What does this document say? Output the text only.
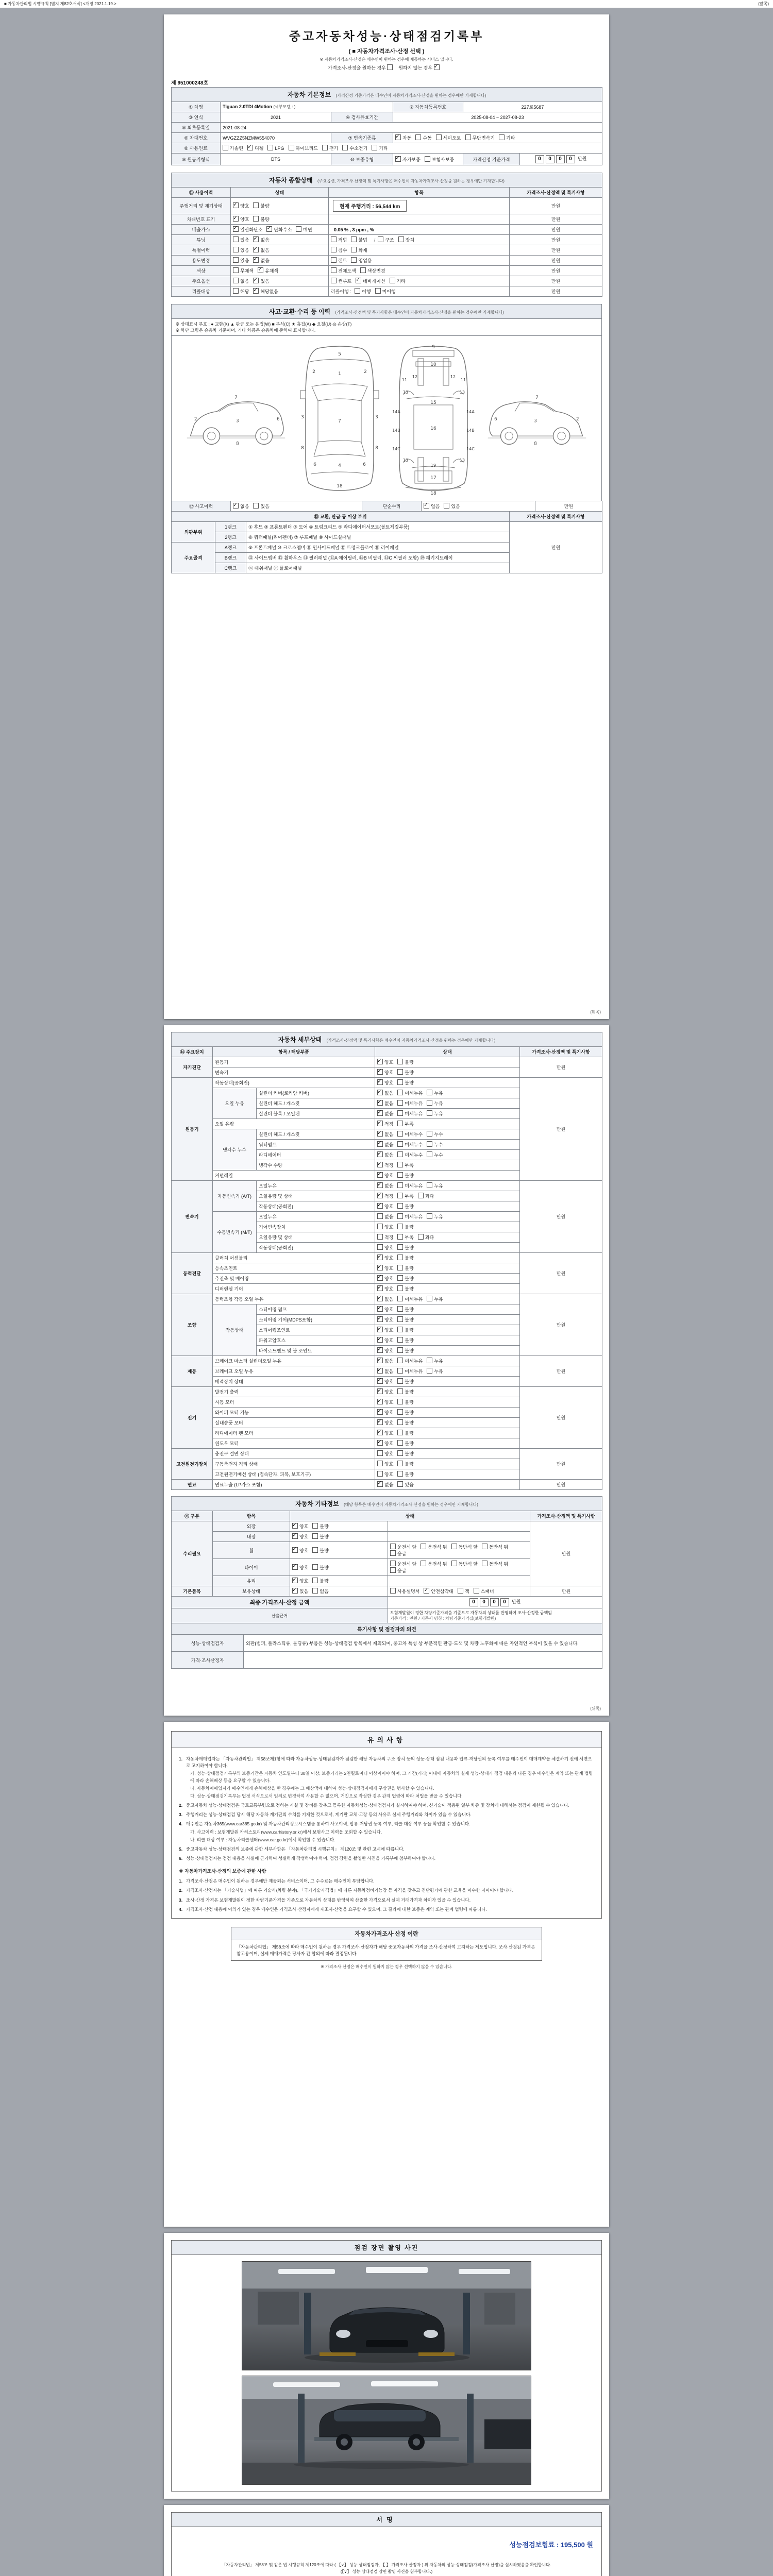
■ 자동차관리법 시행규칙 [별지 제82호서식] <개정 2021.1.19.>	(앞쪽)
중고자동차성능·상태점검기록부
( ■ 자동차가격조사·산정 선택 )
※ 자동차가격조사·산정은 매수인이 원하는 경우에 제공하는 서비스 입니다.
가격조사·산정을 원하는 경우 원하지 않는 경우 ✓
제 951000248호
자동차 기본정보 (가격산정 기준가격은 매수인이 자동차가격조사·산정을 원하는 경우에만 기재합니다)					
① 차명	Tiguan 2.0TDI 4Motion (세부모델 : )		② 자동차등록번호	227로5687	
③ 연식	2021	④ 검사유효기간	2025-08-04 ~ 2027-08-23		
⑤ 최초등록일	2021-08-24				
⑥ 차대번호	WVGZZZ5NZMW554070	⑦ 변속기종류	✓자동 수동 세미오토 무단변속기 기타
⑧ 사용연료	가솔린 ✓ 디젤 LPG 하이브리드 전기 수소전기 기타
⑨ 원동기형식	DTS	⑩ 보증유형	✓자가보증 보험사보증	가격산정 기준가격	0 0 0 0 만원
자동차 종합상태 (주요옵션, 가격조사·산정액 및 특기사항은 매수인이 자동차가격조사·산정을 원하는 경우에만 기재합니다)			
⑪ 사용이력	상태	항목	가격조사·산정액 및 특기사항
주행거리 및 계기상태	✓양호 불량	현재 주행거리 : 56,544 km	만원
차대번호 표기	✓양호 불량		만원
배출가스	✓일산화탄소 ✓ 탄화수소 매연	0.05 % , 3 ppm , %	만원
튜닝	있음 ✓ 없음	적법 불법 / 구조 장치	만원
특별이력	있음 ✓ 없음	침수 화재	만원
용도변경	있음 ✓ 없음	렌트 영업용	만원
색상	무채색 ✓ 유채색	전체도색 색상변경	만원
주요옵션	없음 ✓ 있음	썬루프 ✓ 네비게이션 기타	만원
리콜대상	해당 ✓ 해당없음	리콜이행 : 이행 미이행	만원
사고·교환·수리 등 이력 (가격조사·산정액 및 특기사항은 매수인이 자동차가격조사·산정을 원하는 경우에만 기재합니다)
※ 상태표시 부호 : ● 교환(X) ▲ 판금 또는 용접(W) ■ 부식(C) ★ 흠집(A) ◆ 요철(U) ◎ 손상(T)
※ 하단 그림은 승용차 기준이며, 기타 차종은 승용차에 준하여 표시합니다.
7
3
8
2	6
5
1
2	2
7
3	3
8	8
6	6
4
18
9
10
12	12
11	11
13	13
15
14A
14B
14C
14A
14B
14C
16
13	13
19
17
18
7
3
8
2
6
⑫ 사고이력	✓없음 있음	단순수리	✓없음 있음	만원
⑬ 교환, 판금 등 이상 부위			가격조사·산정액 및 특기사항
외판부위	1랭크	① 후드 ② 프론트펜더 ③ 도어 ④ 트렁크리드 ⑤ 라디에이터서포트(볼트체결부품)	만원
	2랭크	⑥ 쿼터패널(리어펜더) ⑦ 루프패널 ⑧ 사이드실패널	
주요골격	A랭크	⑨ 프론트패널 ⑩ 크로스멤버 ⑪ 인사이드패널 ⑰ 트렁크플로어 ⑱ 리어패널	
	B랭크	⑫ 사이드멤버 ⑬ 휠하우스 ⑭ 필러패널 (⑭A 에이필러, ⑭B 비필러, ⑭C 씨필러 포함) ⑲ 패키지트레이	
	C랭크	⑮ 대쉬패널 ⑯ 플로어패널	
(뒤쪽)
자동차 세부상태 (가격조사·산정액 및 특기사항은 매수인이 자동차가격조사·산정을 원하는 경우에만 기재합니다)				
⑭ 주요장치	항목 / 해당부품		상태	가격조사·산정액 및 특기사항
자기진단	원동기	✓양호 불량	만원
	변속기	✓양호 불량
원동기	작동상태(공회전)	✓양호 불량	만원
	오일 누유	실린더 커버(로커암 커버)	✓없음 미세누유 누유
		실린더 헤드 / 개스킷	✓없음 미세누유 누유
		실린더 블록 / 오일팬	✓없음 미세누유 누유
	오일 유량	✓적정 부족
	냉각수 누수	실린더 헤드 / 개스킷	✓없음 미세누수 누수
		워터펌프	✓없음 미세누수 누수
		라디에이터	✓없음 미세누수 누수
		냉각수 수량	✓적정 부족
	커먼레일	✓양호 불량
변속기	자동변속기 (A/T)	오일누유	✓없음 미세누유 누유	만원
		오일유량 및 상태	✓적정 부족 과다
		작동상태(공회전)	✓양호 불량
	수동변속기 (M/T)	오일누유	없음 미세누유 누유	
		기어변속장치	양호 불량	
		오일유량 및 상태	적정 부족 과다	
		작동상태(공회전)	양호 불량	
동력전달	클러치 어셈블리	✓양호 불량	만원
	등속조인트	✓양호 불량
	추진축 및 베어링	✓양호 불량
	디퍼렌셜 기어	✓양호 불량
조향	동력조향 작동 오일 누유	✓없음 미세누유 누유	만원
	작동상태	스티어링 펌프	✓양호 불량
		스티어링 기어(MDPS포함)	✓양호 불량
		스티어링조인트	✓양호 불량
		파워고압호스	✓양호 불량
		타이로드엔드 및 볼 조인트	✓양호 불량
제동	브레이크 마스터 실린더오일 누유	✓없음 미세누유 누유	만원
	브레이크 오일 누유	✓없음 미세누유 누유
	배력장치 상태	✓양호 불량
전기	발전기 출력	✓양호 불량	만원
	시동 모터	✓양호 불량
	와이퍼 모터 기능	✓양호 불량
	실내송풍 모터	✓양호 불량
	라디에이터 팬 모터	✓양호 불량
	윈도우 모터	✓양호 불량
고전원전기장치	충전구 절연 상태		양호 불량	만원
	구동축전지 격리 상태		양호 불량	
	고전원전기배선 상태 (접속단자, 피복, 보호기구)		양호 불량	
연료	연료누출 (LP가스 포함)	✓없음 있음	만원
자동차 기타정보 (해당 항목은 매수인이 자동차가격조사·산정을 원하는 경우에만 기재합니다)				
⑮ 구분	항목	상태		가격조사·산정액 및 특기사항
수리필요	외장	✓양호 불량		만원
	내장	✓양호 불량	
	휠	✓양호 불량	운전석 앞 운전석 뒤 동반석 앞 동반석 뒤응급	
	타이어	✓양호 불량	운전석 앞 운전석 뒤 동반석 앞 동반석 뒤응급	
	유리	✓양호 불량	
기본품목	보유상태	✓있음 없음	사용설명서 ✓ 안전삼각대 잭 스패너	만원
최종 가격조사·산정 금액	0 0 0 0 만원
산출근거	보험개발원이 정한 차량기준가격을 기준으로 자동차의 상태를 반영하여 조사·산정한 금액임
기준가격 : 만원 / 기준서 명칭 : 차량기준가격집(보험개발원)
특기사항 및 점검자의 의견	
성능·상태점검자	외판(범퍼, 플라스틱류, 몰딩류) 부품은 성능·상태점검 항목에서 제외되며, 중고차 특성 상 부분적인 판금·도색 및 차량 노후화에 따른 자연적인 부식이 있을 수 있습니다.
가격·조사산정자	
(뒤쪽)
유의사항
1. 자동차매매업자는 「자동차관리법」 제58조제1항에 따라 자동차성능·상태점검자가 점검한 해당 자동차의 구조·장치 등의 성능·상태 점검 내용과 압류·저당권의 등록 여부를 매수인이 매매계약을 체결하기 전에 서면으로 고지하여야 합니다.
가. 성능·상태점검기록부의 보증기간은 자동차 인도일부터 30일 이상, 보증거리는 2천킬로미터 이상이어야 하며, 그 기간(거리) 이내에 자동차의 실제 성능·상태가 점검 내용과 다른 경우 매수인은 계약 또는 관계 법령에 따라 손해배상 등을 요구할 수 있습니다.
나. 자동차매매업자가 매수인에게 손해배상을 한 경우에는 그 배상액에 대하여 성능·상태점검자에게 구상권을 행사할 수 있습니다.
다. 성능·상태점검기록부는 법정 서식으로서 임의로 변경하여 사용할 수 없으며, 거짓으로 작성한 경우 관계 법령에 따라 처벌을 받을 수 있습니다.
2. 중고자동차 성능·상태점검은 국토교통부령으로 정하는 시설 및 장비를 갖추고 등록한 자동차성능·상태점검자가 실시하여야 하며, 신기술이 적용된 일부 차종 및 장치에 대해서는 점검이 제한될 수 있습니다.
3. 주행거리는 성능·상태점검 당시 해당 자동차 계기판의 수치를 기재한 것으로서, 계기판 교체·고장 등의 사유로 실제 주행거리와 차이가 있을 수 있습니다.
4. 매수인은 자동차365(www.car365.go.kr) 및 자동차관리정보시스템을 통하여 사고이력, 압류·저당권 등록 여부, 리콜 대상 여부 등을 확인할 수 있습니다.
가. 사고이력 : 보험개발원 카히스토리(www.carhistory.or.kr)에서 보험사고 이력을 조회할 수 있습니다.
나. 리콜 대상 여부 : 자동차리콜센터(www.car.go.kr)에서 확인할 수 있습니다.
5. 중고자동차 성능·상태점검의 보증에 관한 세부사항은 「자동차관리법 시행규칙」 제120조 및 관련 고시에 따릅니다.
6. 성능·상태점검자는 점검 내용을 사실에 근거하여 성실하게 작성하여야 하며, 점검 장면을 촬영한 사진을 기록부에 첨부하여야 합니다.
※ 자동차가격조사·산정의 보증에 관한 사항
1. 가격조사·산정은 매수인이 원하는 경우에만 제공되는 서비스이며, 그 수수료는 매수인이 부담합니다.
2. 가격조사·산정자는 「기술사법」에 따른 기술사(차량 분야), 「국가기술자격법」에 따른 자동차정비기능장 등 자격을 갖추고 진단평가에 관한 교육을 이수한 자이어야 합니다.
3. 조사·산정 가격은 보험개발원이 정한 차량기준가격을 기준으로 자동차의 상태를 반영하여 산출한 가격으로서 실제 거래가격과 차이가 있을 수 있습니다.
4. 가격조사·산정 내용에 이의가 있는 경우 매수인은 가격조사·산정자에게 재조사·산정을 요구할 수 있으며, 그 결과에 대한 보증은 계약 또는 관계 법령에 따릅니다.
자동차가격조사·산정 이란
「자동차관리법」 제58조에 따라 매수인이 원하는 경우 가격조사·산정자가 해당 중고자동차의 가격을 조사·산정하여 고지하는 제도입니다. 조사·산정된 가격은 참고용이며, 실제 매매가격은 당사자 간 합의에 따라 결정됩니다.
※ 가격조사·산정은 매수인이 원하지 않는 경우 선택하지 않을 수 있습니다.
점검 장면 촬영 사진
서명
성능점검보험료 : 195,500 원
「자동차관리법」 제58조 및 같은 법 시행규칙 제120조에 따라 ( 【∨】 성능·상태점검자, 【 】 가격조사·산정자 ) 위 자동차의 성능·상태점검(가격조사·산정)을 실시하였음을 확인합니다.
(【∨】 성능·상태점검 장면 촬영 사진을 첨부합니다.)
